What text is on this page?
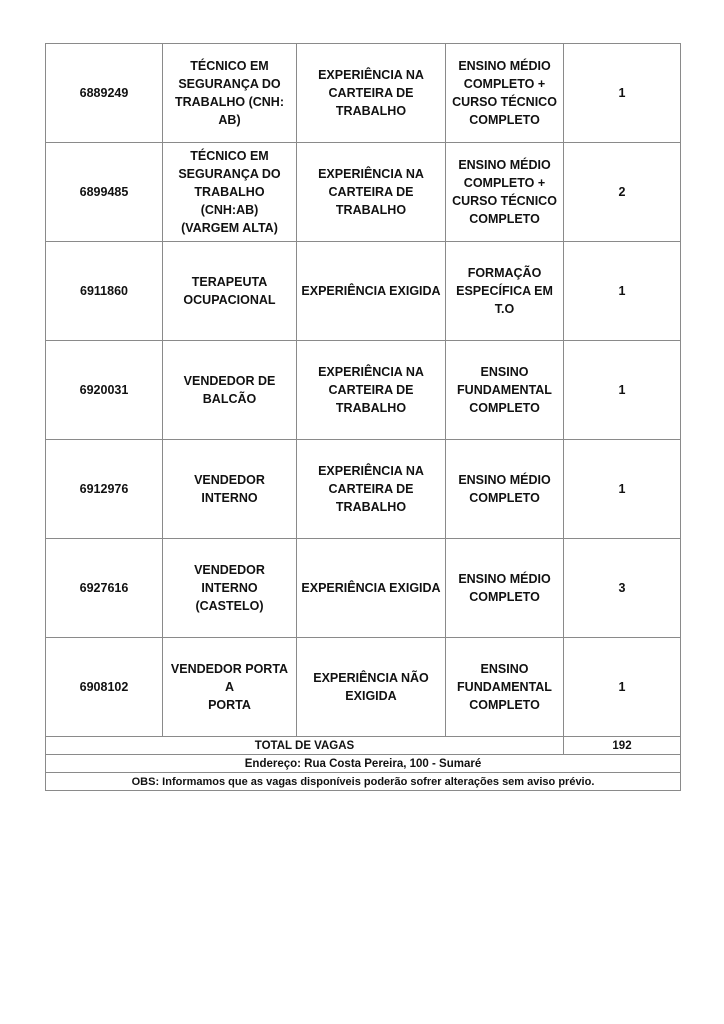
6889249	TÉCNICO EM
SEGURANÇA DO
TRABALHO (CNH: AB)	EXPERIÊNCIA NA
CARTEIRA DE
TRABALHO	ENSINO MÉDIO
COMPLETO +
CURSO TÉCNICO
COMPLETO	1
6899485	TÉCNICO EM
SEGURANÇA DO
TRABALHO (CNH:AB)
(VARGEM ALTA)	EXPERIÊNCIA NA
CARTEIRA DE
TRABALHO	ENSINO MÉDIO
COMPLETO +
CURSO TÉCNICO
COMPLETO	2
6911860	TERAPEUTA
OCUPACIONAL	EXPERIÊNCIA EXIGIDA	FORMAÇÃO
ESPECÍFICA EM T.O	1
6920031	VENDEDOR DE
BALCÃO	EXPERIÊNCIA NA
CARTEIRA DE
TRABALHO	ENSINO
FUNDAMENTAL
COMPLETO	1
6912976	VENDEDOR INTERNO	EXPERIÊNCIA NA
CARTEIRA DE
TRABALHO	ENSINO MÉDIO
COMPLETO	1
6927616	VENDEDOR INTERNO
(CASTELO)	EXPERIÊNCIA EXIGIDA	ENSINO MÉDIO
COMPLETO	3
6908102	VENDEDOR PORTA A
PORTA	EXPERIÊNCIA NÃO
EXIGIDA	ENSINO
FUNDAMENTAL
COMPLETO	1
TOTAL DE VAGAS				192
Endereço: Rua Costa Pereira, 100 - Sumaré				
OBS: Informamos que as vagas disponíveis poderão sofrer alterações sem aviso prévio.				
